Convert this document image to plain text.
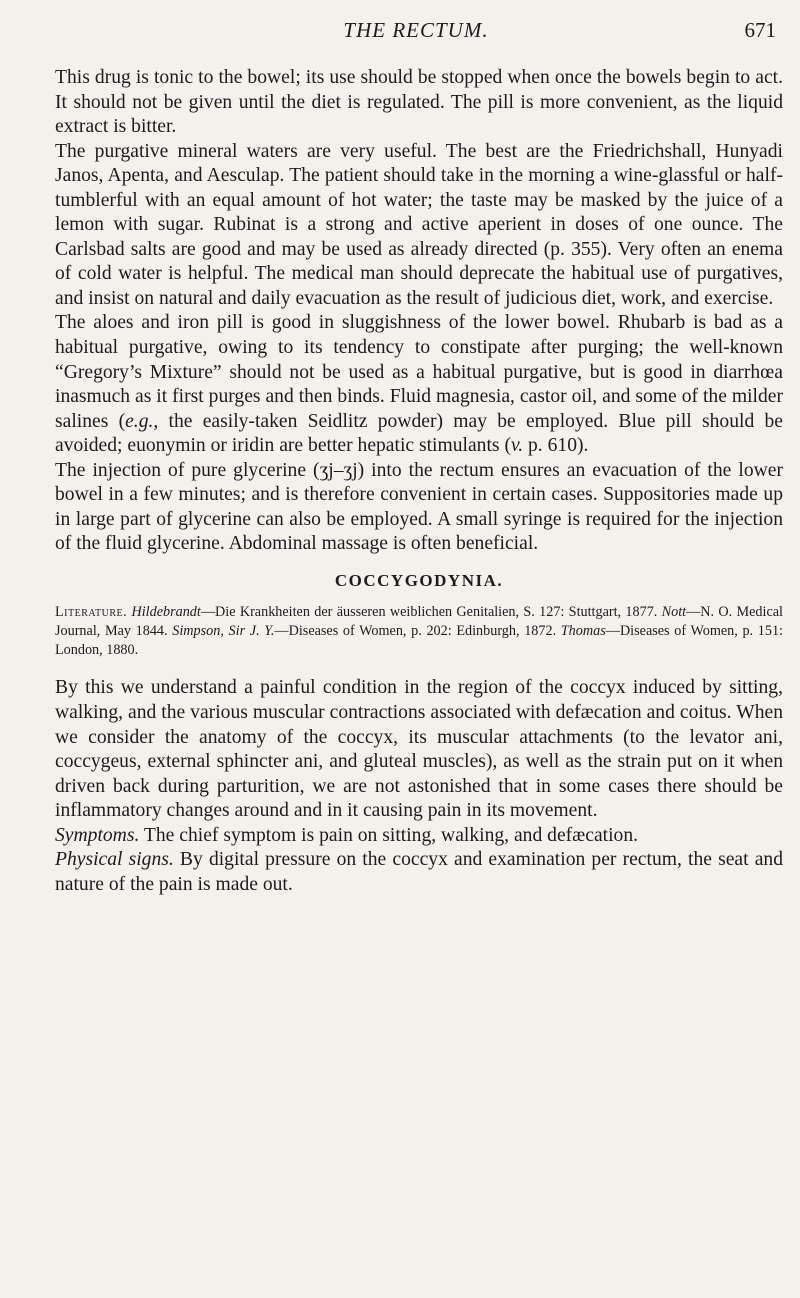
THE RECTUM.	671

This drug is tonic to the bowel; its use should be stopped when once the bowels begin to act. It should not be given until the diet is regulated. The pill is more convenient, as the liquid extract is bitter.

The purgative mineral waters are very useful. The best are the Friedrichshall, Hunyadi Janos, Apenta, and Aesculap. The patient should take in the morning a wine-glassful or half-tumblerful with an equal amount of hot water; the taste may be masked by the juice of a lemon with sugar. Rubinat is a strong and active aperient in doses of one ounce. The Carlsbad salts are good and may be used as already directed (p. 355). Very often an enema of cold water is helpful. The medical man should deprecate the habitual use of purgatives, and insist on natural and daily evacuation as the result of judicious diet, work, and exercise.

The aloes and iron pill is good in sluggishness of the lower bowel. Rhubarb is bad as a habitual purgative, owing to its tendency to constipate after purging; the well-known “Gregory’s Mixture” should not be used as a habitual purgative, but is good in diarrhœa inasmuch as it first purges and then binds. Fluid magnesia, castor oil, and some of the milder salines (e.g., the easily-taken Seidlitz powder) may be employed. Blue pill should be avoided; euonymin or iridin are better hepatic stimulants (v. p. 610).

The injection of pure glycerine (ʒj–ʒj) into the rectum ensures an evacuation of the lower bowel in a few minutes; and is therefore convenient in certain cases. Suppositories made up in large part of glycerine can also be employed. A small syringe is required for the injection of the fluid glycerine. Abdominal massage is often beneficial.

COCCYGODYNIA.

Literature. Hildebrandt—Die Krankheiten der äusseren weiblichen Genitalien, S. 127: Stuttgart, 1877. Nott—N. O. Medical Journal, May 1844. Simpson, Sir J. Y.—Diseases of Women, p. 202: Edinburgh, 1872. Thomas—Diseases of Women, p. 151: London, 1880.

By this we understand a painful condition in the region of the coccyx induced by sitting, walking, and the various muscular contractions associated with defæcation and coitus. When we consider the anatomy of the coccyx, its muscular attachments (to the levator ani, coccygeus, external sphincter ani, and gluteal muscles), as well as the strain put on it when driven back during parturition, we are not astonished that in some cases there should be inflammatory changes around and in it causing pain in its movement.

Symptoms. The chief symptom is pain on sitting, walking, and defæcation.

Physical signs. By digital pressure on the coccyx and examination per rectum, the seat and nature of the pain is made out.
